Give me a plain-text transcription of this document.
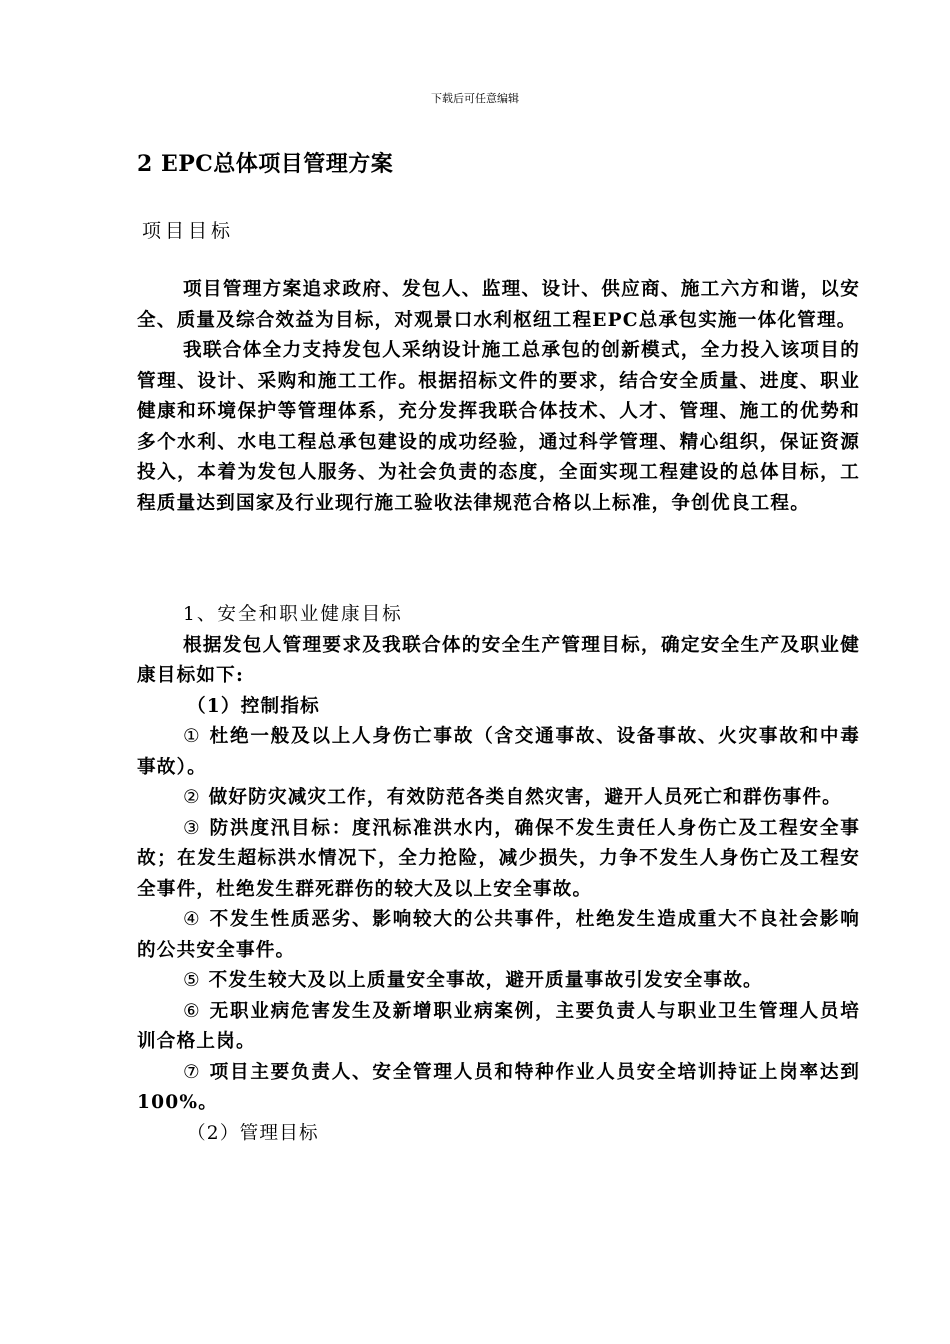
下载后可任意编辑
2 EPC总体项目管理方案
项目目标

项目管理方案追求政府、发包人、监理、设计、供应商、施工六方和谐，以安全、质量及综合效益为目标，对观景口水利枢纽工程EPC总承包实施一体化管理。

我联合体全力支持发包人采纳设计施工总承包的创新模式，全力投入该项目的管理、设计、采购和施工工作。根据招标文件的要求，结合安全质量、进度、职业健康和环境保护等管理体系，充分发挥我联合体技术、人才、管理、施工的优势和多个水利、水电工程总承包建设的成功经验，通过科学管理、精心组织，保证资源投入，本着为发包人服务、为社会负责的态度，全面实现工程建设的总体目标，工程质量达到国家及行业现行施工验收法律规范合格以上标准，争创优良工程。

1、安全和职业健康目标

根据发包人管理要求及我联合体的安全生产管理目标，确定安全生产及职业健康目标如下:

（1）控制指标

① 杜绝一般及以上人身伤亡事故（含交通事故、设备事故、火灾事故和中毒事故）。

② 做好防灾减灾工作，有效防范各类自然灾害，避开人员死亡和群伤事件。

③ 防洪度汛目标：度汛标准洪水内，确保不发生责任人身伤亡及工程安全事故；在发生超标洪水情况下，全力抢险，减少损失，力争不发生人身伤亡及工程安全事件，杜绝发生群死群伤的较大及以上安全事故。

④ 不发生性质恶劣、影响较大的公共事件，杜绝发生造成重大不良社会影响的公共安全事件。

⑤ 不发生较大及以上质量安全事故，避开质量事故引发安全事故。

⑥ 无职业病危害发生及新增职业病案例，主要负责人与职业卫生管理人员培训合格上岗。

⑦ 项目主要负责人、安全管理人员和特种作业人员安全培训持证上岗率达到100%。

（2）管理目标
